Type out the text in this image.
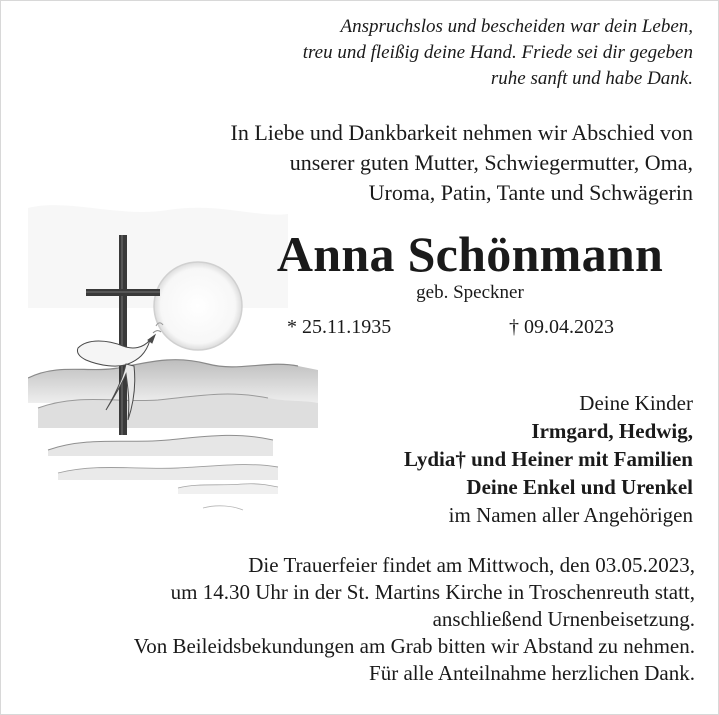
Anspruchslos und bescheiden war dein Leben,
treu und fleißig deine Hand. Friede sei dir gegeben
ruhe sanft und habe Dank.
In Liebe und Dankbarkeit nehmen wir Abschied von
unserer guten Mutter, Schwiegermutter, Oma,
Uroma, Patin, Tante und Schwägerin
Anna Schönmann
geb. Speckner
* 25.11.1935	† 09.04.2023
Deine Kinder
Irmgard, Hedwig,
Lydia† und Heiner mit Familien
Deine Enkel und Urenkel
im Namen aller Angehörigen
Die Trauerfeier findet am Mittwoch, den 03.05.2023,
um 14.30 Uhr in der St. Martins Kirche in Troschenreuth statt,
anschließend Urnenbeisetzung.
Von Beileidsbekundungen am Grab bitten wir Abstand zu nehmen.
Für alle Anteilnahme herzlichen Dank.
